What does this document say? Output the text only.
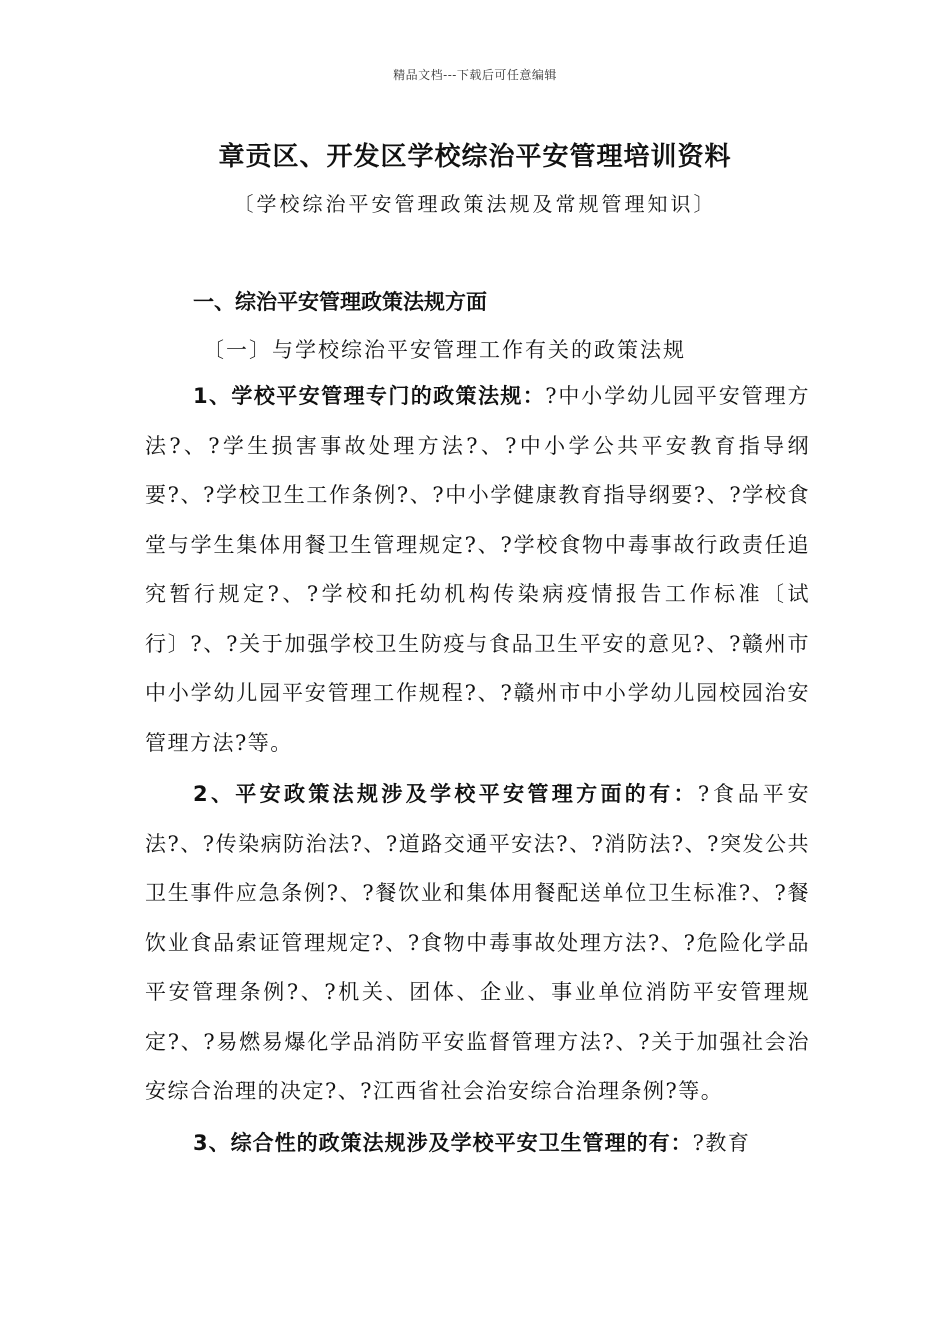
精品文档---下载后可任意编辑
章贡区、开发区学校综治平安管理培训资料
〔学校综治平安管理政策法规及常规管理知识〕
一、综治平安管理政策法规方面
〔一〕与学校综治平安管理工作有关的政策法规

1、学校平安管理专门的政策法规：?中小学幼儿园平安管理方法?、?学生损害事故处理方法?、?中小学公共平安教育指导纲要?、?学校卫生工作条例?、?中小学健康教育指导纲要?、?学校食堂与学生集体用餐卫生管理规定?、?学校食物中毒事故行政责任追究暂行规定?、?学校和托幼机构传染病疫情报告工作标准〔试行〕?、?关于加强学校卫生防疫与食品卫生平安的意见?、?赣州市中小学幼儿园平安管理工作规程?、?赣州市中小学幼儿园校园治安管理方法?等。

2、平安政策法规涉及学校平安管理方面的有：?食品平安法?、?传染病防治法?、?道路交通平安法?、?消防法?、?突发公共卫生事件应急条例?、?餐饮业和集体用餐配送单位卫生标准?、?餐饮业食品索证管理规定?、?食物中毒事故处理方法?、?危险化学品平安管理条例?、?机关、团体、企业、事业单位消防平安管理规定?、?易燃易爆化学品消防平安监督管理方法?、?关于加强社会治安综合治理的决定?、?江西省社会治安综合治理条例?等。

3、综合性的政策法规涉及学校平安卫生管理的有：?教育
